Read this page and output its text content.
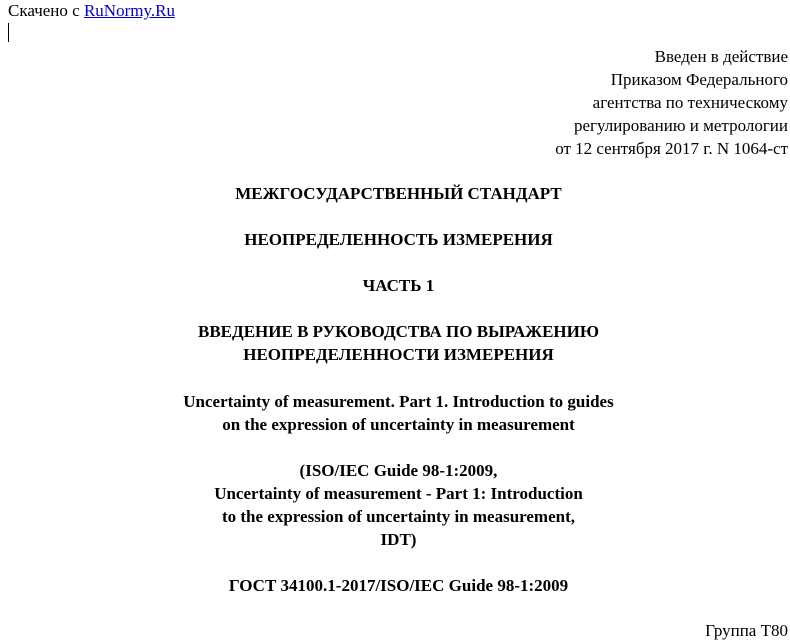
Скачено с RuNormy.Ru
Введен в действие
Приказом Федерального
агентства по техническому
регулированию и метрологии
от 12 сентября 2017 г. N 1064-ст
МЕЖГОСУДАРСТВЕННЫЙ СТАНДАРТ
НЕОПРЕДЕЛЕННОСТЬ ИЗМЕРЕНИЯ
ЧАСТЬ 1
ВВЕДЕНИЕ В РУКОВОДСТВА ПО ВЫРАЖЕНИЮ
НЕОПРЕДЕЛЕННОСТИ ИЗМЕРЕНИЯ
Uncertainty of measurement. Part 1. Introduction to guides
on the expression of uncertainty in measurement
(ISO/IEC Guide 98-1:2009,
Uncertainty of measurement - Part 1: Introduction
to the expression of uncertainty in measurement,
IDT)
ГОСТ 34100.1-2017/ISO/IEC Guide 98-1:2009
Группа Т80
